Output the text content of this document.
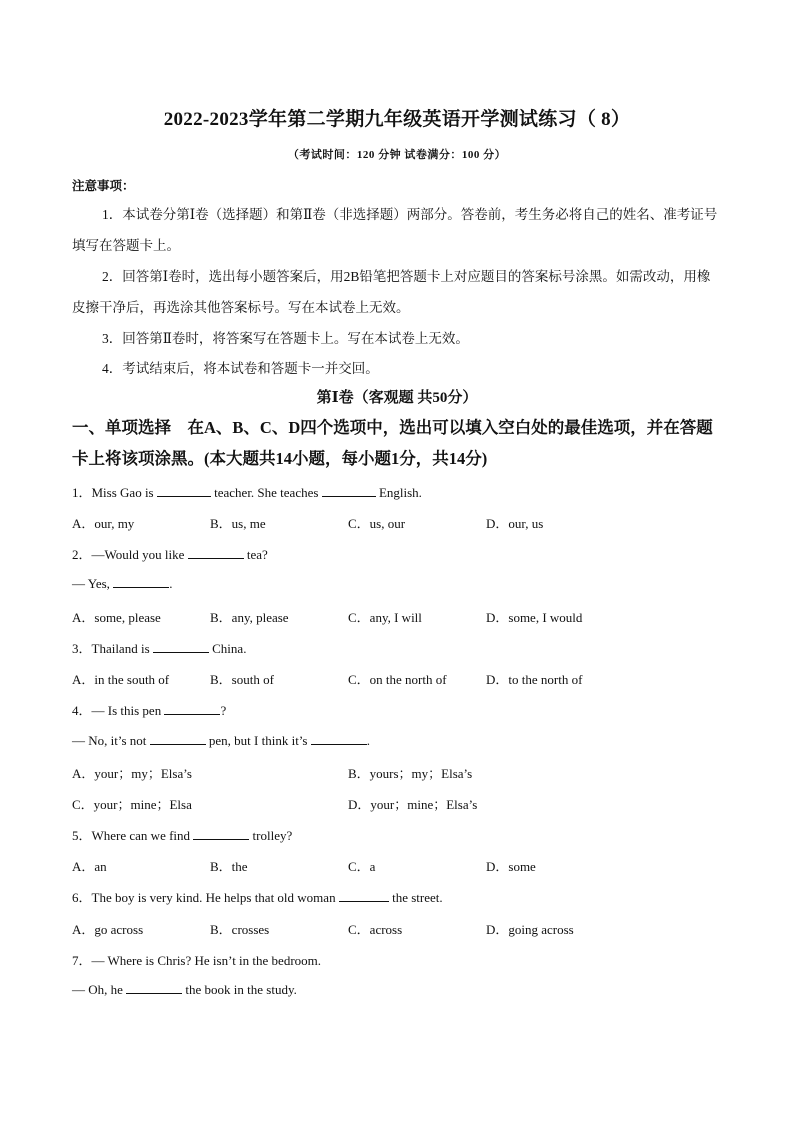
2022-2023学年第二学期九年级英语开学测试练习（ 8）
（考试时间：120 分钟 试卷满分：100 分）
注意事项：
1．本试卷分第Ⅰ卷（选择题）和第Ⅱ卷（非选择题）两部分。答卷前，考生务必将自己的姓名、准考证号填写在答题卡上。
2．回答第Ⅰ卷时，选出每小题答案后，用2B铅笔把答题卡上对应题目的答案标号涂黑。如需改动，用橡皮擦干净后，再选涂其他答案标号。写在本试卷上无效。
3．回答第Ⅱ卷时，将答案写在答题卡上。写在本试卷上无效。
4．考试结束后，将本试卷和答题卡一并交回。
第Ⅰ卷（客观题 共50分）
一、单项选择　在A、B、C、D四个选项中，选出可以填入空白处的最佳选项，并在答题卡上将该项涂黑。(本大题共14小题，每小题1分，共14分)
1．Miss Gao is	teacher. She teaches	English.
A．our, my	B．us, me	C．us, our	D．our, us
2．—Would you like	tea?
— Yes,	.
A．some, please	B．any, please	C．any, I will	D．some, I would
3．Thailand is	China.
A．in the south of	B．south of	C．on the north of	D．to the north of
4．— Is this pen	?
— No, it’s not	pen, but I think it’s	.
A．your；my；Elsa’s	B．yours；my；Elsa’s
C．your；mine；Elsa	D．your；mine；Elsa’s
5．Where can we find	trolley?
A．an	B．the	C．a	D．some
6．The boy is very kind. He helps that old woman	the street.
A．go across	B．crosses	C．across	D．going across
7．— Where is Chris? He isn’t in the bedroom.
— Oh, he	the book in the study.
